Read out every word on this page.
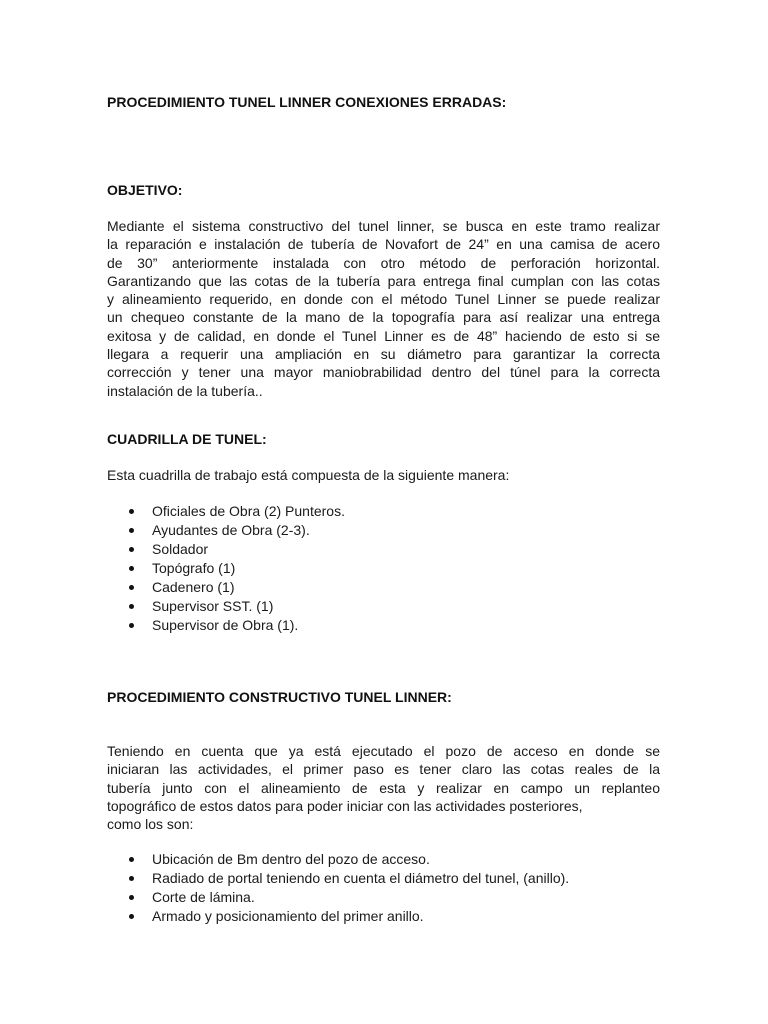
PROCEDIMIENTO TUNEL LINNER CONEXIONES ERRADAS:
OBJETIVO:
Mediante el sistema constructivo del tunel linner, se busca en este tramo realizar
la reparación e instalación de tubería de Novafort de 24” en una camisa de acero
de 30” anteriormente instalada con otro método de perforación horizontal.
Garantizando que las cotas de la tubería para entrega final cumplan con las cotas
y alineamiento requerido, en donde con el método Tunel Linner se puede realizar
un chequeo constante de la mano de la topografía para así realizar una entrega
exitosa y de calidad, en donde el Tunel Linner es de 48” haciendo de esto si se
llegara a requerir una ampliación en su diámetro para garantizar la correcta
corrección y tener una mayor maniobrabilidad dentro del túnel para la correcta
instalación de la tubería..
CUADRILLA DE TUNEL:

Esta cuadrilla de trabajo está compuesta de la siguiente manera:

Oficiales de Obra (2) Punteros.
Ayudantes de Obra (2-3).
Soldador
Topógrafo (1)
Cadenero (1)
Supervisor SST. (1)
Supervisor de Obra (1).
PROCEDIMIENTO CONSTRUCTIVO TUNEL LINNER:
Teniendo en cuenta que ya está ejecutado el pozo de acceso en donde se
iniciaran las actividades, el primer paso es tener claro las cotas reales de la
tubería junto con el alineamiento de esta y realizar en campo un replanteo
topográfico de estos datos para poder iniciar con las actividades posteriores,
como los son:
Ubicación de Bm dentro del pozo de acceso.
Radiado de portal teniendo en cuenta el diámetro del tunel, (anillo).
Corte de lámina.
Armado y posicionamiento del primer anillo.
